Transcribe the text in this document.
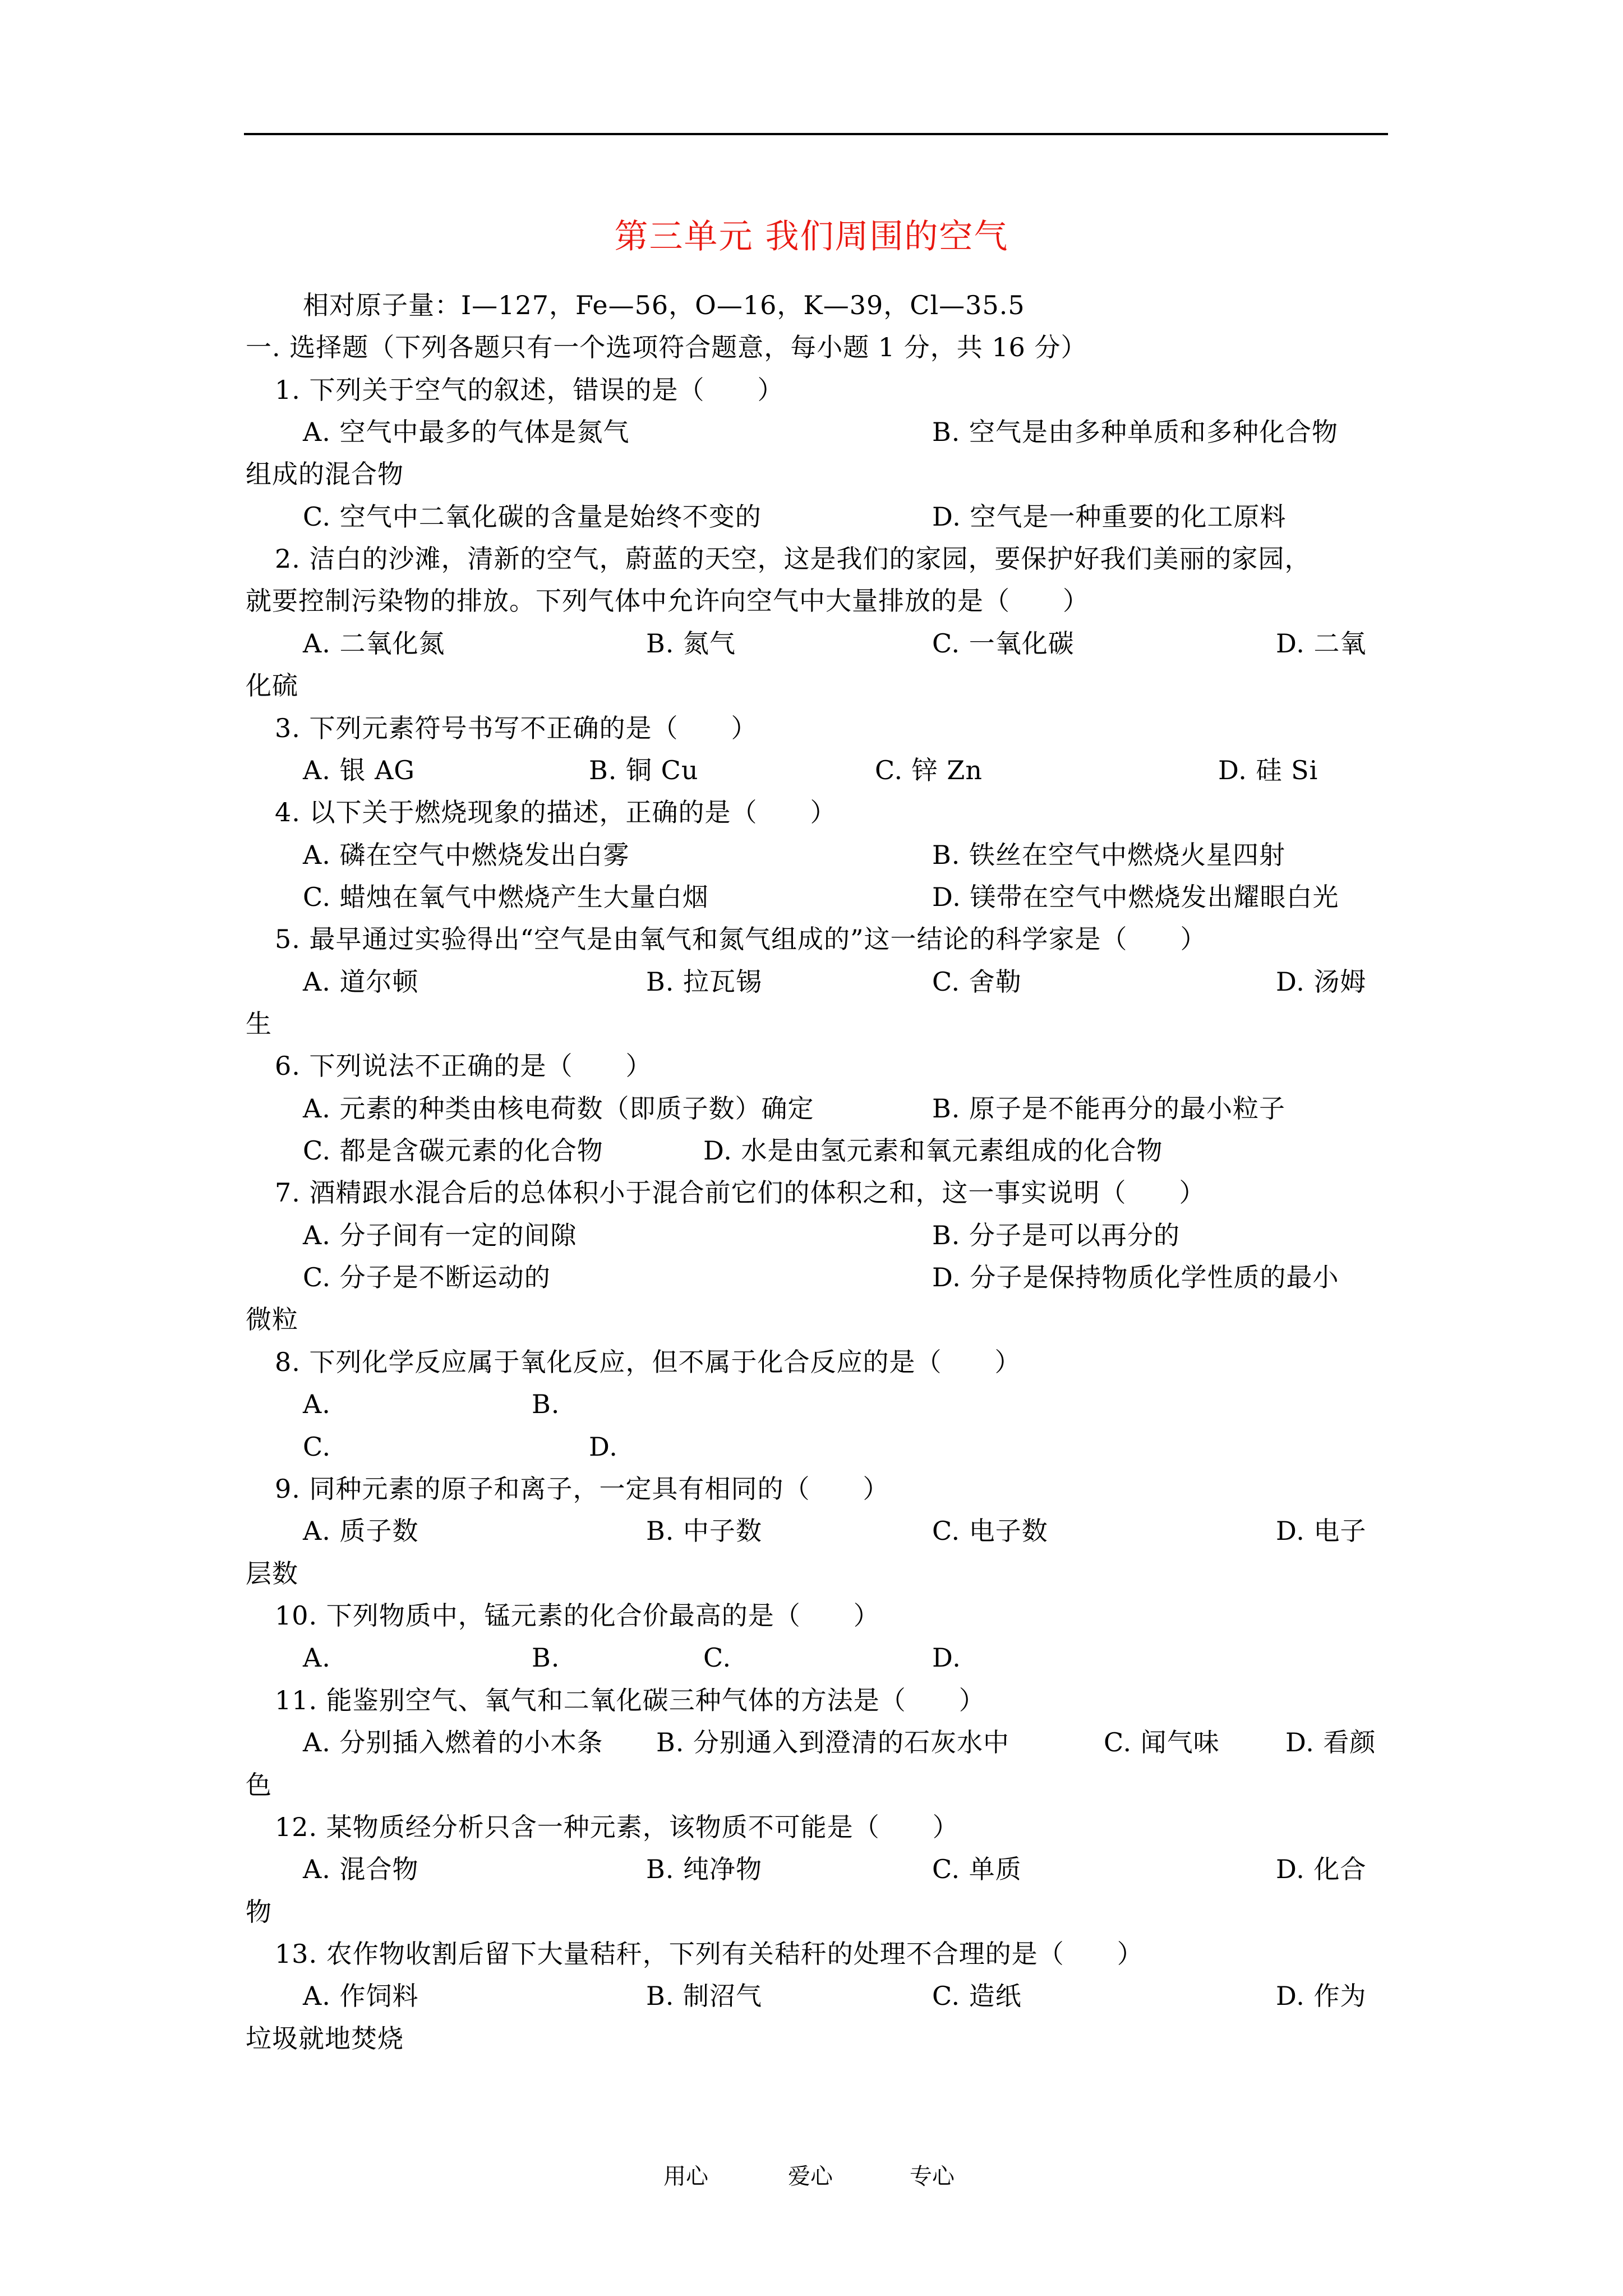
第三单元 我们周围的空气
相对原子量：I—127，Fe—56，O—16，K—39，Cl—35.5
一. 选择题（下列各题只有一个选项符合题意，每小题 1 分，共 16 分）
1. 下列关于空气的叙述，错误的是（　　）
A. 空气中最多的气体是氮气	B. 空气是由多种单质和多种化合物
组成的混合物
C. 空气中二氧化碳的含量是始终不变的	D. 空气是一种重要的化工原料
2. 洁白的沙滩，清新的空气，蔚蓝的天空，这是我们的家园，要保护好我们美丽的家园，
就要控制污染物的排放。下列气体中允许向空气中大量排放的是（　　）
A. 二氧化氮	B. 氮气	C. 一氧化碳	D. 二氧
化硫
3. 下列元素符号书写不正确的是（　　）
A. 银 AG	B. 铜 Cu	C. 锌 Zn	D. 硅 Si
4. 以下关于燃烧现象的描述，正确的是（　　）
A. 磷在空气中燃烧发出白雾	B. 铁丝在空气中燃烧火星四射
C. 蜡烛在氧气中燃烧产生大量白烟	D. 镁带在空气中燃烧发出耀眼白光
5. 最早通过实验得出“空气是由氧气和氮气组成的”这一结论的科学家是（　　）
A. 道尔顿	B. 拉瓦锡	C. 舍勒	D. 汤姆
生
6. 下列说法不正确的是（　　）
A. 元素的种类由核电荷数（即质子数）确定	B. 原子是不能再分的最小粒子
C. 都是含碳元素的化合物	D. 水是由氢元素和氧元素组成的化合物
7. 酒精跟水混合后的总体积小于混合前它们的体积之和，这一事实说明（　　）
A. 分子间有一定的间隙	B. 分子是可以再分的
C. 分子是不断运动的	D. 分子是保持物质化学性质的最小
微粒
8. 下列化学反应属于氧化反应，但不属于化合反应的是（　　）
A.	B.
C.	D.
9. 同种元素的原子和离子，一定具有相同的（　　）
A. 质子数	B. 中子数	C. 电子数	D. 电子
层数
10. 下列物质中，锰元素的化合价最高的是（　　）
A.	B.	C.	D.
11. 能鉴别空气、氧气和二氧化碳三种气体的方法是（　　）
A. 分别插入燃着的小木条 B. 分别通入到澄清的石灰水中	C. 闻气味	D. 看颜
色
12. 某物质经分析只含一种元素，该物质不可能是（　　）
A. 混合物	B. 纯净物	C. 单质	D. 化合
物
13. 农作物收割后留下大量秸秆，下列有关秸秆的处理不合理的是（　　）
A. 作饲料	B. 制沼气	C. 造纸	D. 作为
垃圾就地焚烧
用心	爱心	专心
